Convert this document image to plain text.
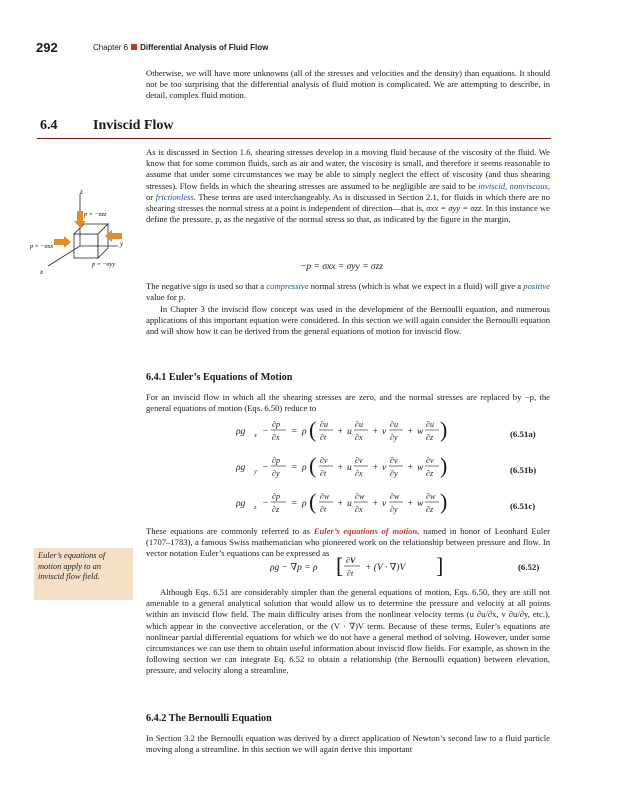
292	Chapter 6 Differential Analysis of Fluid Flow

Otherwise, we will have more unknowns (all of the stresses and velocities and the density) than equations. It should not be too surprising that the differential analysis of fluid motion is complicated. We are attempting to describe, in detail, complex fluid motion.

6.4	Inviscid Flow

As is discussed in Section 1.6, shearing stresses develop in a moving fluid because of the viscosity of the fluid. We know that for some common fluids, such as air and water, the viscosity is small, and therefore it seems reasonable to assume that under some circumstances we may be able to simply neglect the effect of viscosity (and thus shearing stresses). Flow fields in which the shearing stresses are assumed to be negligible are said to be inviscid, nonviscous, or frictionless. These terms are used interchangeably. As is discussed in Section 2.1, for fluids in which there are no shearing stresses the normal stress at a point is independent of direction—that is, σxx = σyy = σzz. In this instance we define the pressure, p, as the negative of the normal stress so that, as indicated by the figure in the margin,

z
y
x
p = −σzz
p = −σxx
p = −σyy	−p = σxx = σyy = σzz

The negative sign is used so that a compressive normal stress (which is what we expect in a fluid) will give a positive value for p.

In Chapter 3 the inviscid flow concept was used in the development of the Bernoulli equation, and numerous applications of this important equation were considered. In this section we will again consider the Bernoulli equation and will show how it can be derived from the general equations of motion for inviscid flow.

6.4.1 Euler’s Equations of Motion

For an inviscid flow in which all the shearing stresses are zero, and the normal stresses are replaced by −p, the general equations of motion (Eqs. 6.50) reduce to

ρg x −
∂p
∂x
= ρ ( ∂u
∂t
+ u
∂u
∂x
+ v
∂u
∂y
+ w
∂u
∂z )
ρg y −
∂p
∂y
= ρ ( ∂v
∂t
+ u
∂v
∂x
+ v
∂v
∂y
+ w
∂v
∂z )
ρg z −
∂p
∂z
= ρ ( ∂w
∂t
+ u
∂w
∂x
+ v
∂w
∂y
+ w
∂w
∂z )
(6.51a)
(6.51b)
(6.51c)

These equations are commonly referred to as Euler’s equations of motion, named in honor of Leonhard Euler (1707–1783), a famous Swiss mathematician who pioneered work on the relationship between pressure and flow. In vector notation Euler’s equations can be expressed as

Euler’s equations of motion apply to an inviscid flow field.
ρg − ∇p = ρ [ ∂V
∂t
+ (V · ∇)V ]	(6.52)

Although Eqs. 6.51 are considerably simpler than the general equations of motion, Eqs. 6.50, they are still not amenable to a general analytical solution that would allow us to determine the pressure and velocity at all points within an inviscid flow field. The main difficulty arises from the nonlinear velocity terms (u ∂u/∂x, v ∂u/∂y, etc.), which appear in the convective acceleration, or the (V · ∇)V term. Because of these terms, Euler’s equations are nonlinear partial differential equations for which we do not have a general method of solving. However, under some circumstances we can use them to obtain useful information about inviscid flow fields. For example, as shown in the following section we can integrate Eq. 6.52 to obtain a relationship (the Bernoulli equation) between elevation, pressure, and velocity along a streamline.

6.4.2 The Bernoulli Equation

In Section 3.2 the Bernoulli equation was derived by a direct application of Newton’s second law to a fluid particle moving along a streamline. In this section we will again derive this important
